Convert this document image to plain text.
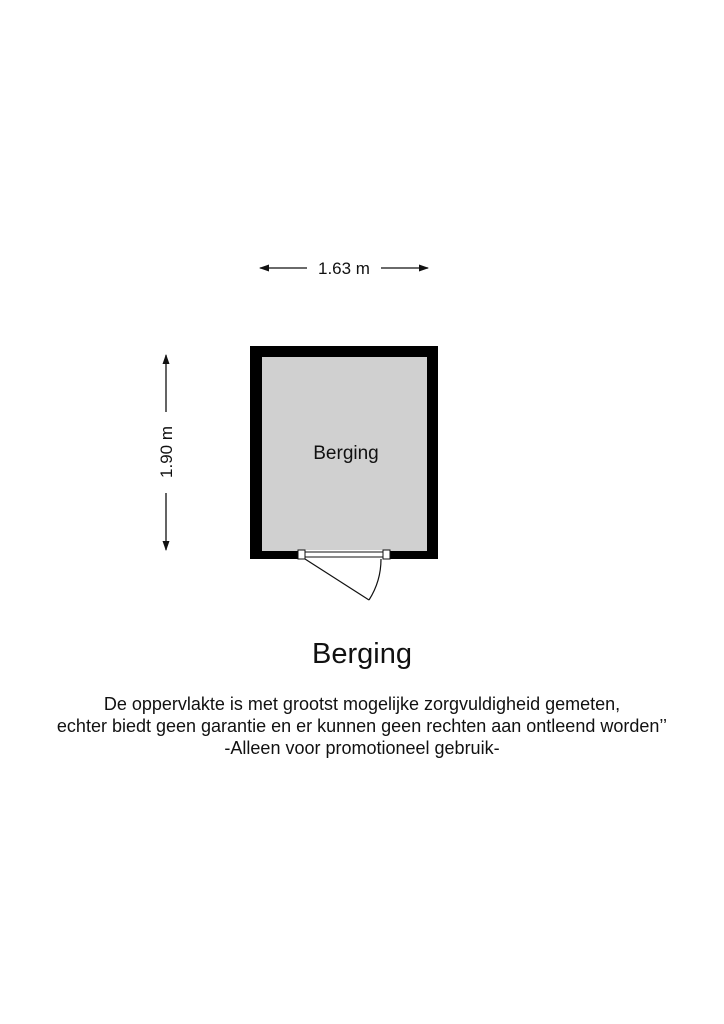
1.63 m
1.90 m	Berging
Berging
De oppervlakte is met grootst mogelijke zorgvuldigheid gemeten,
echter biedt geen garantie en er kunnen geen rechten aan ontleend worden’’
-Alleen voor promotioneel gebruik-
